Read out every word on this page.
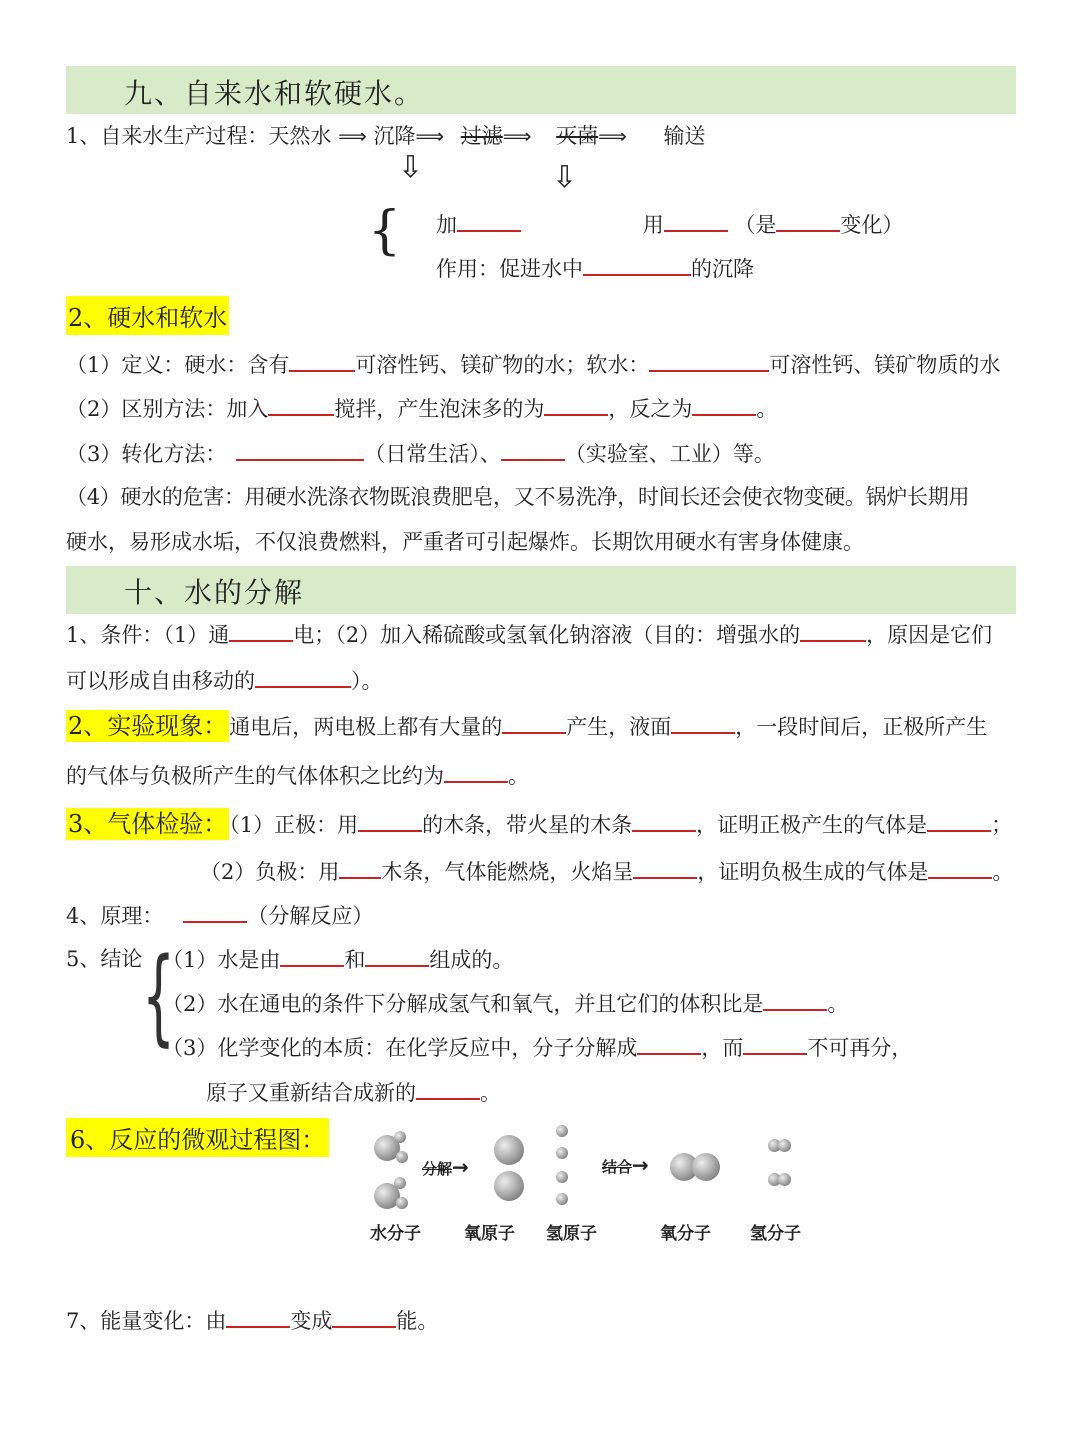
九、自来水和软硬水。
1、自来水生产过程：天然水 ⟹ 沉降⟹ 过滤⟹ 灭菌⟹ 输送
⇩	⇩
{ 加	用	（是	变化）
作用：促进水中	的沉降
2、硬水和软水
（1）定义：硬水：含有	可溶性钙、镁矿物的水；软水：	可溶性钙、镁矿物质的水
（2）区别方法：加入	搅拌，产生泡沫多的为	，反之为	。
（3）转化方法：	（日常生活）、	（实验室、工业）等。
（4）硬水的危害：用硬水洗涤衣物既浪费肥皂，又不易洗净，时间长还会使衣物变硬。锅炉长期用
硬水，易形成水垢，不仅浪费燃料，严重者可引起爆炸。长期饮用硬水有害身体健康。
十、水的分解
1、条件：（1）通	电；（2）加入稀硫酸或氢氧化钠溶液（目的：增强水的	，原因是它们
可以形成自由移动的	）。
2、实验现象：通电后，两电极上都有大量的	产生，液面	，一段时间后，正极所产生
的气体与负极所产生的气体体积之比约为	。
3、气体检验：（1）正极：用	的木条，带火星的木条	，证明正极产生的气体是	；
（2）负极：用 木条，气体能燃烧，火焰呈	，证明负极生成的气体是	。
4、原理：	（分解反应）
5、结论 {
（1）水是由	和	组成的。
（2）水在通电的条件下分解成氢气和氧气，并且它们的体积比是	。
（3）化学变化的本质：在化学反应中，分子分解成	，而	不可再分，
原子又重新结合成新的	。
6、反应的微观过程图：
分解→	结合→
水分子	氧原子 氢原子	氧分子 氢分子
7、能量变化：由	变成	能。
